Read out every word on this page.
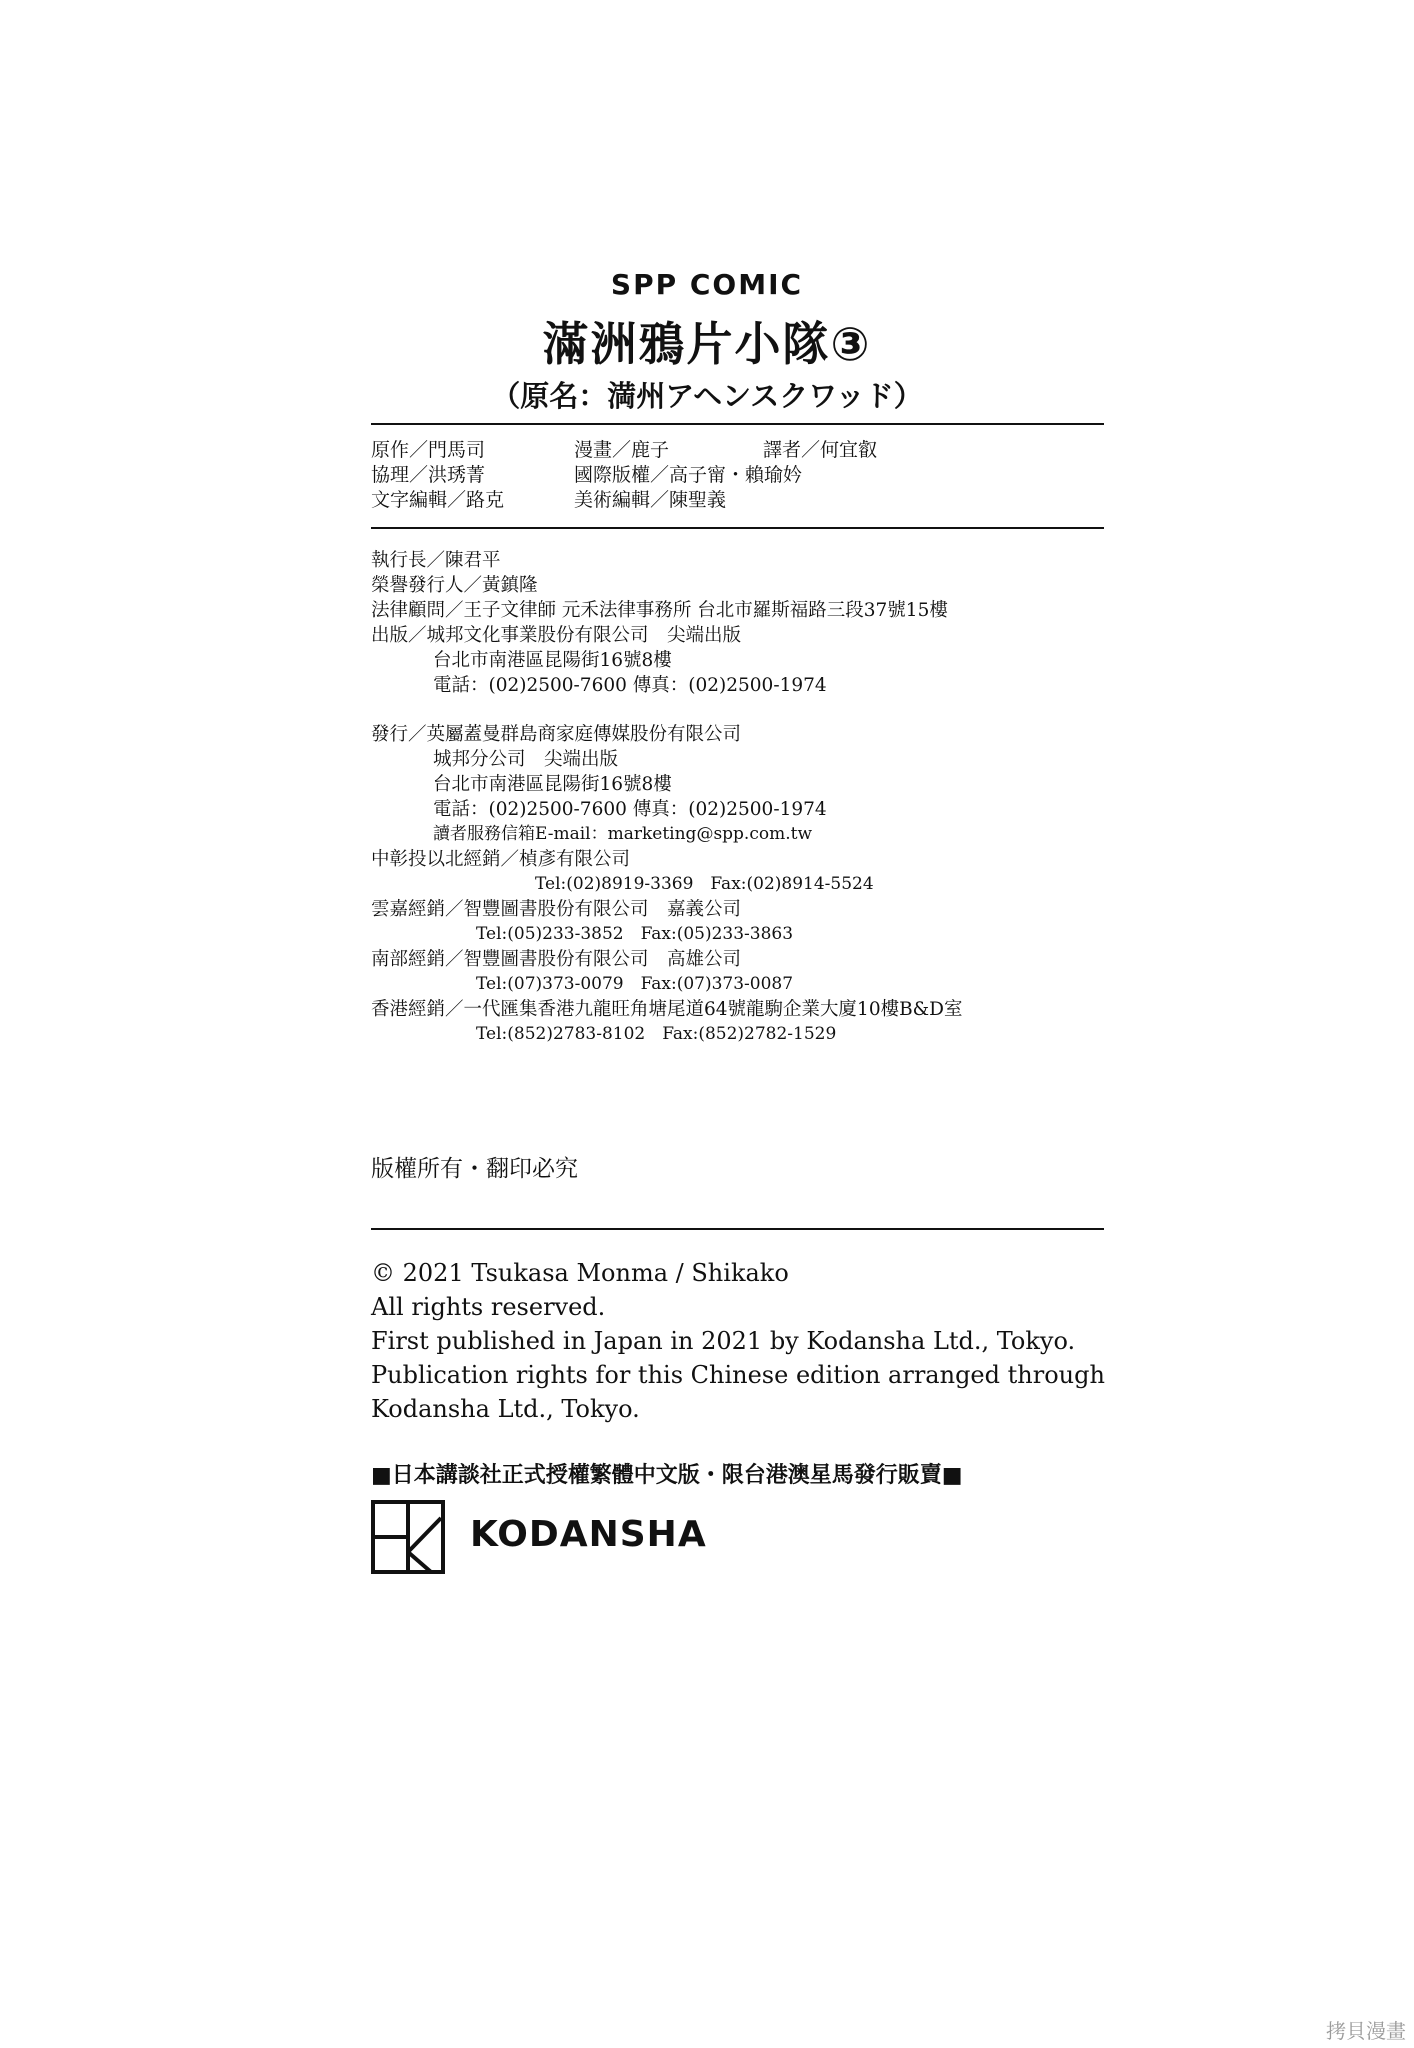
SPP COMIC
滿洲鴉片小隊③
（原名：満州アヘンスクワッド）
原作／門馬司	漫畫／鹿子	譯者／何宜叡
協理／洪琇菁	國際版權／高子甯・賴瑜妗
文字編輯／路克	美術編輯／陳聖義
執行長／陳君平
榮譽發行人／黃鎮隆
法律顧問／王子文律師 元禾法律事務所 台北市羅斯福路三段37號15樓
出版／城邦文化事業股份有限公司　尖端出版
台北市南港區昆陽街16號8樓
電話：(02)2500-7600 傳真：(02)2500-1974
發行／英屬蓋曼群島商家庭傳媒股份有限公司
城邦分公司　尖端出版
台北市南港區昆陽街16號8樓
電話：(02)2500-7600 傳真：(02)2500-1974
讀者服務信箱E-mail：marketing@spp.com.tw
中彰投以北經銷／楨彥有限公司
Tel:(02)8919-3369　Fax:(02)8914-5524
雲嘉經銷／智豐圖書股份有限公司　嘉義公司
Tel:(05)233-3852　Fax:(05)233-3863
南部經銷／智豐圖書股份有限公司　高雄公司
Tel:(07)373-0079　Fax:(07)373-0087
香港經銷／一代匯集香港九龍旺角塘尾道64號龍駒企業大廈10樓B&D室
Tel:(852)2783-8102　Fax:(852)2782-1529
版權所有・翻印必究
© 2021 Tsukasa Monma / Shikako
All rights reserved.
First published in Japan in 2021 by Kodansha Ltd., Tokyo.
Publication rights for this Chinese edition arranged through
Kodansha Ltd., Tokyo.
■日本講談社正式授權繁體中文版・限台港澳星馬發行販賣■
KODANSHA
拷貝漫畫
